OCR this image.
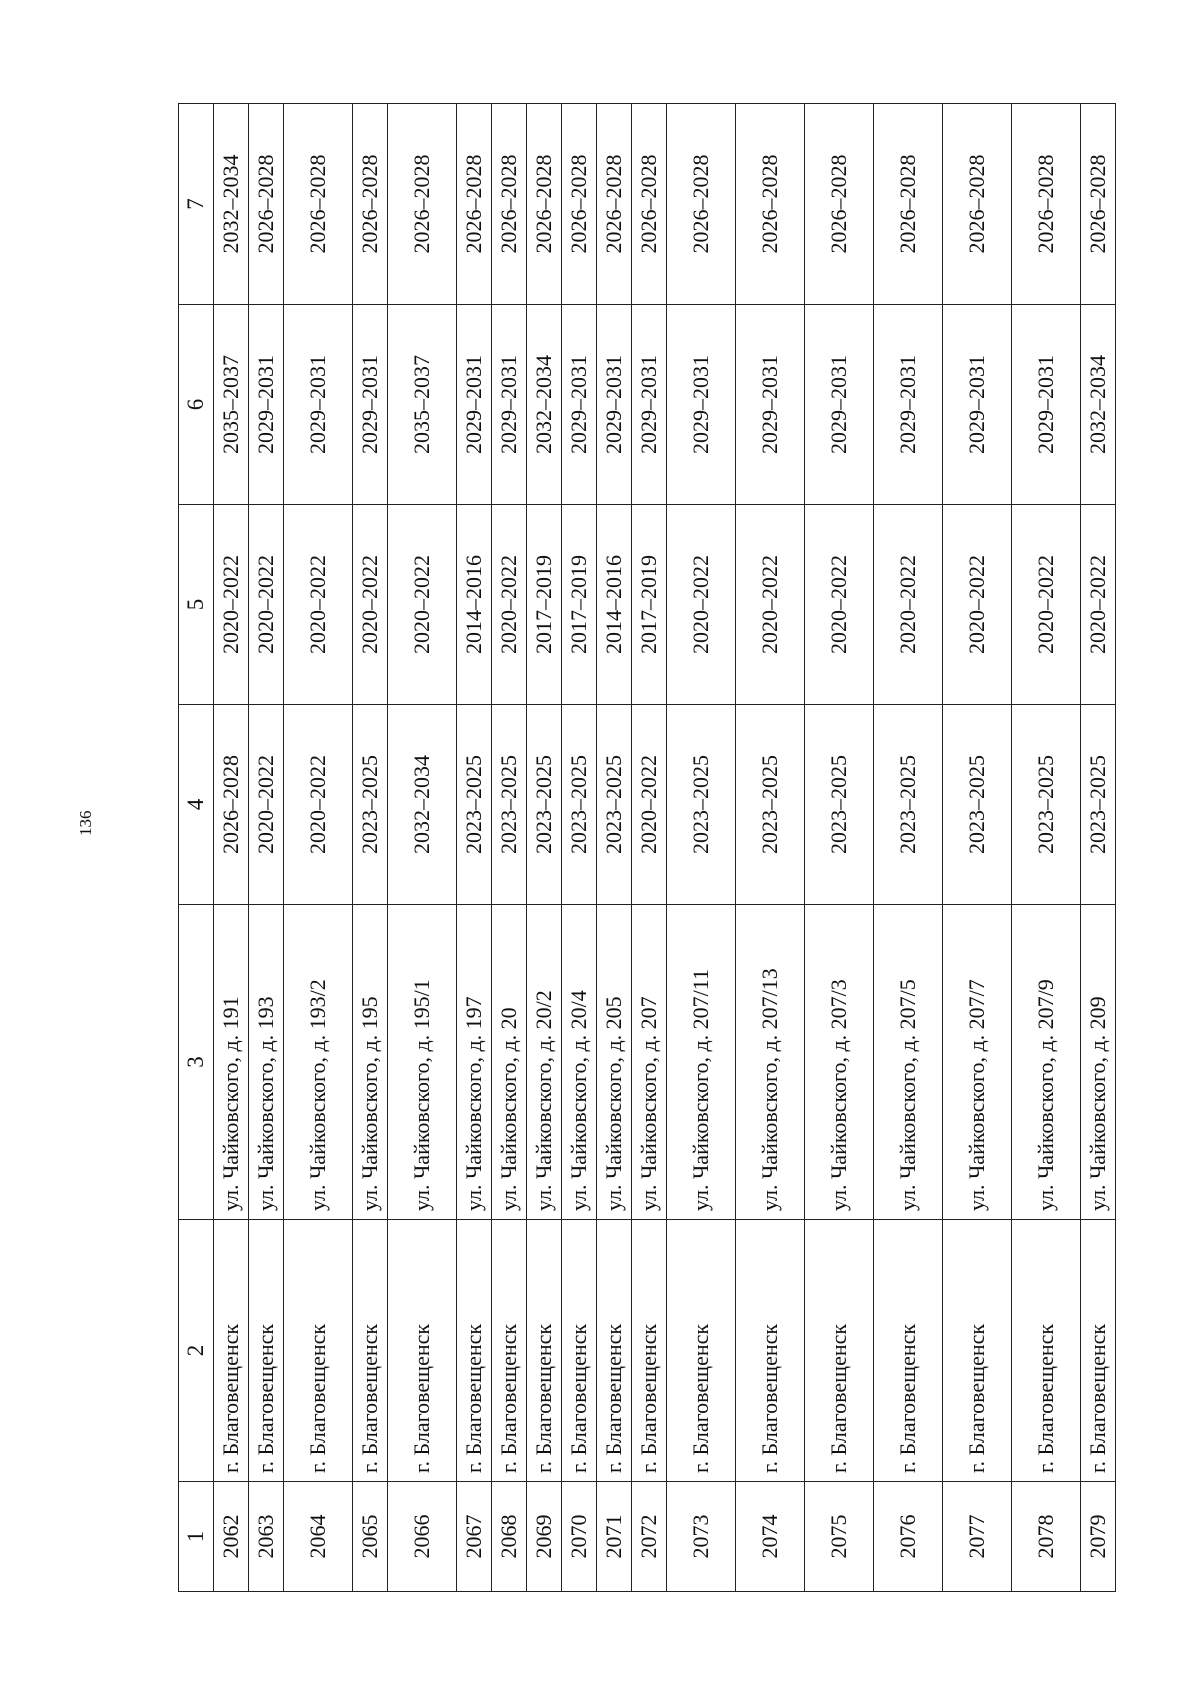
136
1	2	3	4	5	6	7
2062	г. Благовещенск	ул. Чайковского, д. 191	2026–2028	2020–2022	2035–2037	2032–2034
2063	г. Благовещенск	ул. Чайковского, д. 193	2020–2022	2020–2022	2029–2031	2026–2028
2064	г. Благовещенск	ул. Чайковского, д. 193/2	2020–2022	2020–2022	2029–2031	2026–2028
2065	г. Благовещенск	ул. Чайковского, д. 195	2023–2025	2020–2022	2029–2031	2026–2028
2066	г. Благовещенск	ул. Чайковского, д. 195/1	2032–2034	2020–2022	2035–2037	2026–2028
2067	г. Благовещенск	ул. Чайковского, д. 197	2023–2025	2014–2016	2029–2031	2026–2028
2068	г. Благовещенск	ул. Чайковского, д. 20	2023–2025	2020–2022	2029–2031	2026–2028
2069	г. Благовещенск	ул. Чайковского, д. 20/2	2023–2025	2017–2019	2032–2034	2026–2028
2070	г. Благовещенск	ул. Чайковского, д. 20/4	2023–2025	2017–2019	2029–2031	2026–2028
2071	г. Благовещенск	ул. Чайковского, д. 205	2023–2025	2014–2016	2029–2031	2026–2028
2072	г. Благовещенск	ул. Чайковского, д. 207	2020–2022	2017–2019	2029–2031	2026–2028
2073	г. Благовещенск	ул. Чайковского, д. 207/11	2023–2025	2020–2022	2029–2031	2026–2028
2074	г. Благовещенск	ул. Чайковского, д. 207/13	2023–2025	2020–2022	2029–2031	2026–2028
2075	г. Благовещенск	ул. Чайковского, д. 207/3	2023–2025	2020–2022	2029–2031	2026–2028
2076	г. Благовещенск	ул. Чайковского, д. 207/5	2023–2025	2020–2022	2029–2031	2026–2028
2077	г. Благовещенск	ул. Чайковского, д. 207/7	2023–2025	2020–2022	2029–2031	2026–2028
2078	г. Благовещенск	ул. Чайковского, д. 207/9	2023–2025	2020–2022	2029–2031	2026–2028
2079	г. Благовещенск	ул. Чайковского, д. 209	2023–2025	2020–2022	2032–2034	2026–2028
